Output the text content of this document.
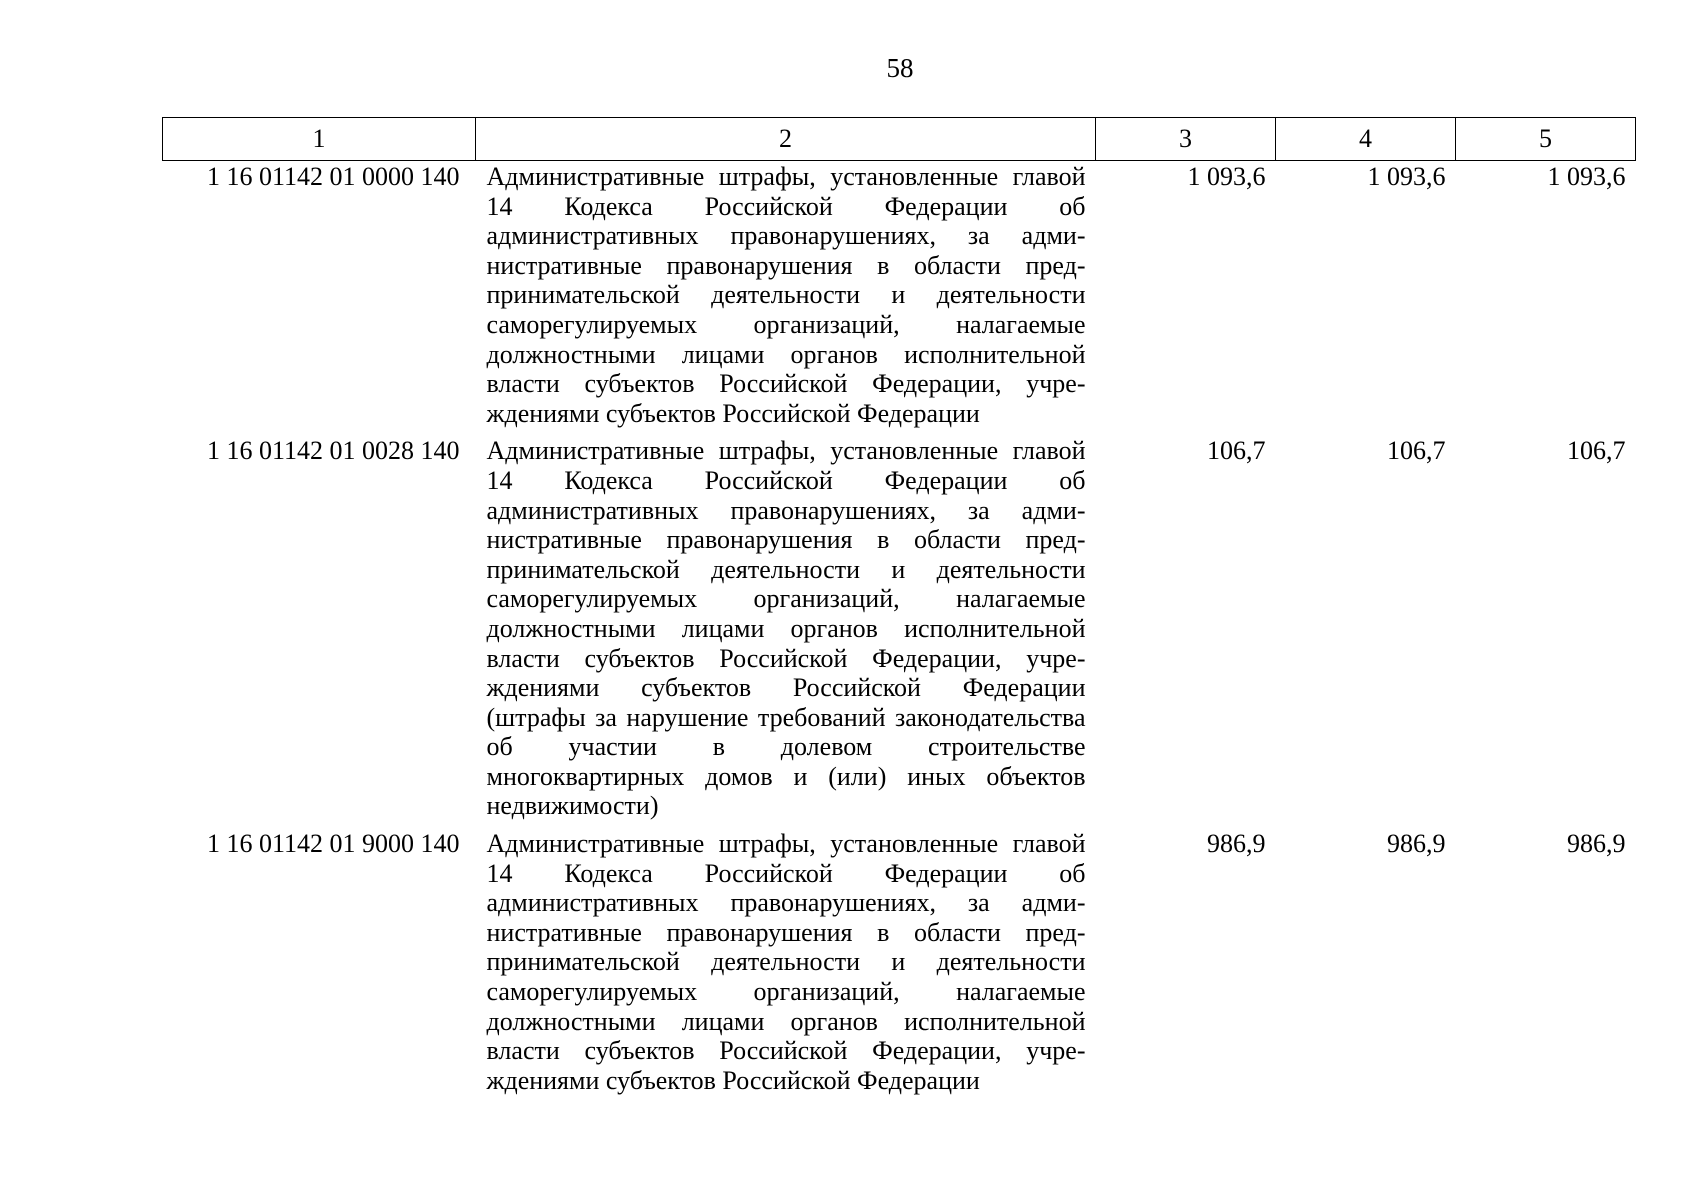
58
1	2	3	4	5
1 16 01142 01 0000 140	Административные штрафы, установленные главой 14 Кодекса Российской Федерации об административных правонарушениях, за административные правонарушения в области предпринимательской деятельности и деятельности саморегулируемых организаций, налагаемые должностными лицами органов исполнительной власти субъектов Российской Федерации, учреждениями субъектов Российской Федерации	1 093,6	1 093,6	1 093,6
1 16 01142 01 0028 140	Административные штрафы, установленные главой 14 Кодекса Российской Федерации об административных правонарушениях, за административные правонарушения в области предпринимательской деятельности и деятельности саморегулируемых организаций, налагаемые должностными лицами органов исполнительной власти субъектов Российской Федерации, учреждениями субъектов Российской Федерации (штрафы за нарушение требований законодательства об участии в долевом строительстве многоквартирных домов и (или) иных объектов недвижимости)	106,7	106,7	106,7
1 16 01142 01 9000 140	Административные штрафы, установленные главой 14 Кодекса Российской Федерации об административных правонарушениях, за административные правонарушения в области предпринимательской деятельности и деятельности саморегулируемых организаций, налагаемые должностными лицами органов исполнительной власти субъектов Российской Федерации, учреждениями субъектов Российской Федерации	986,9	986,9	986,9
